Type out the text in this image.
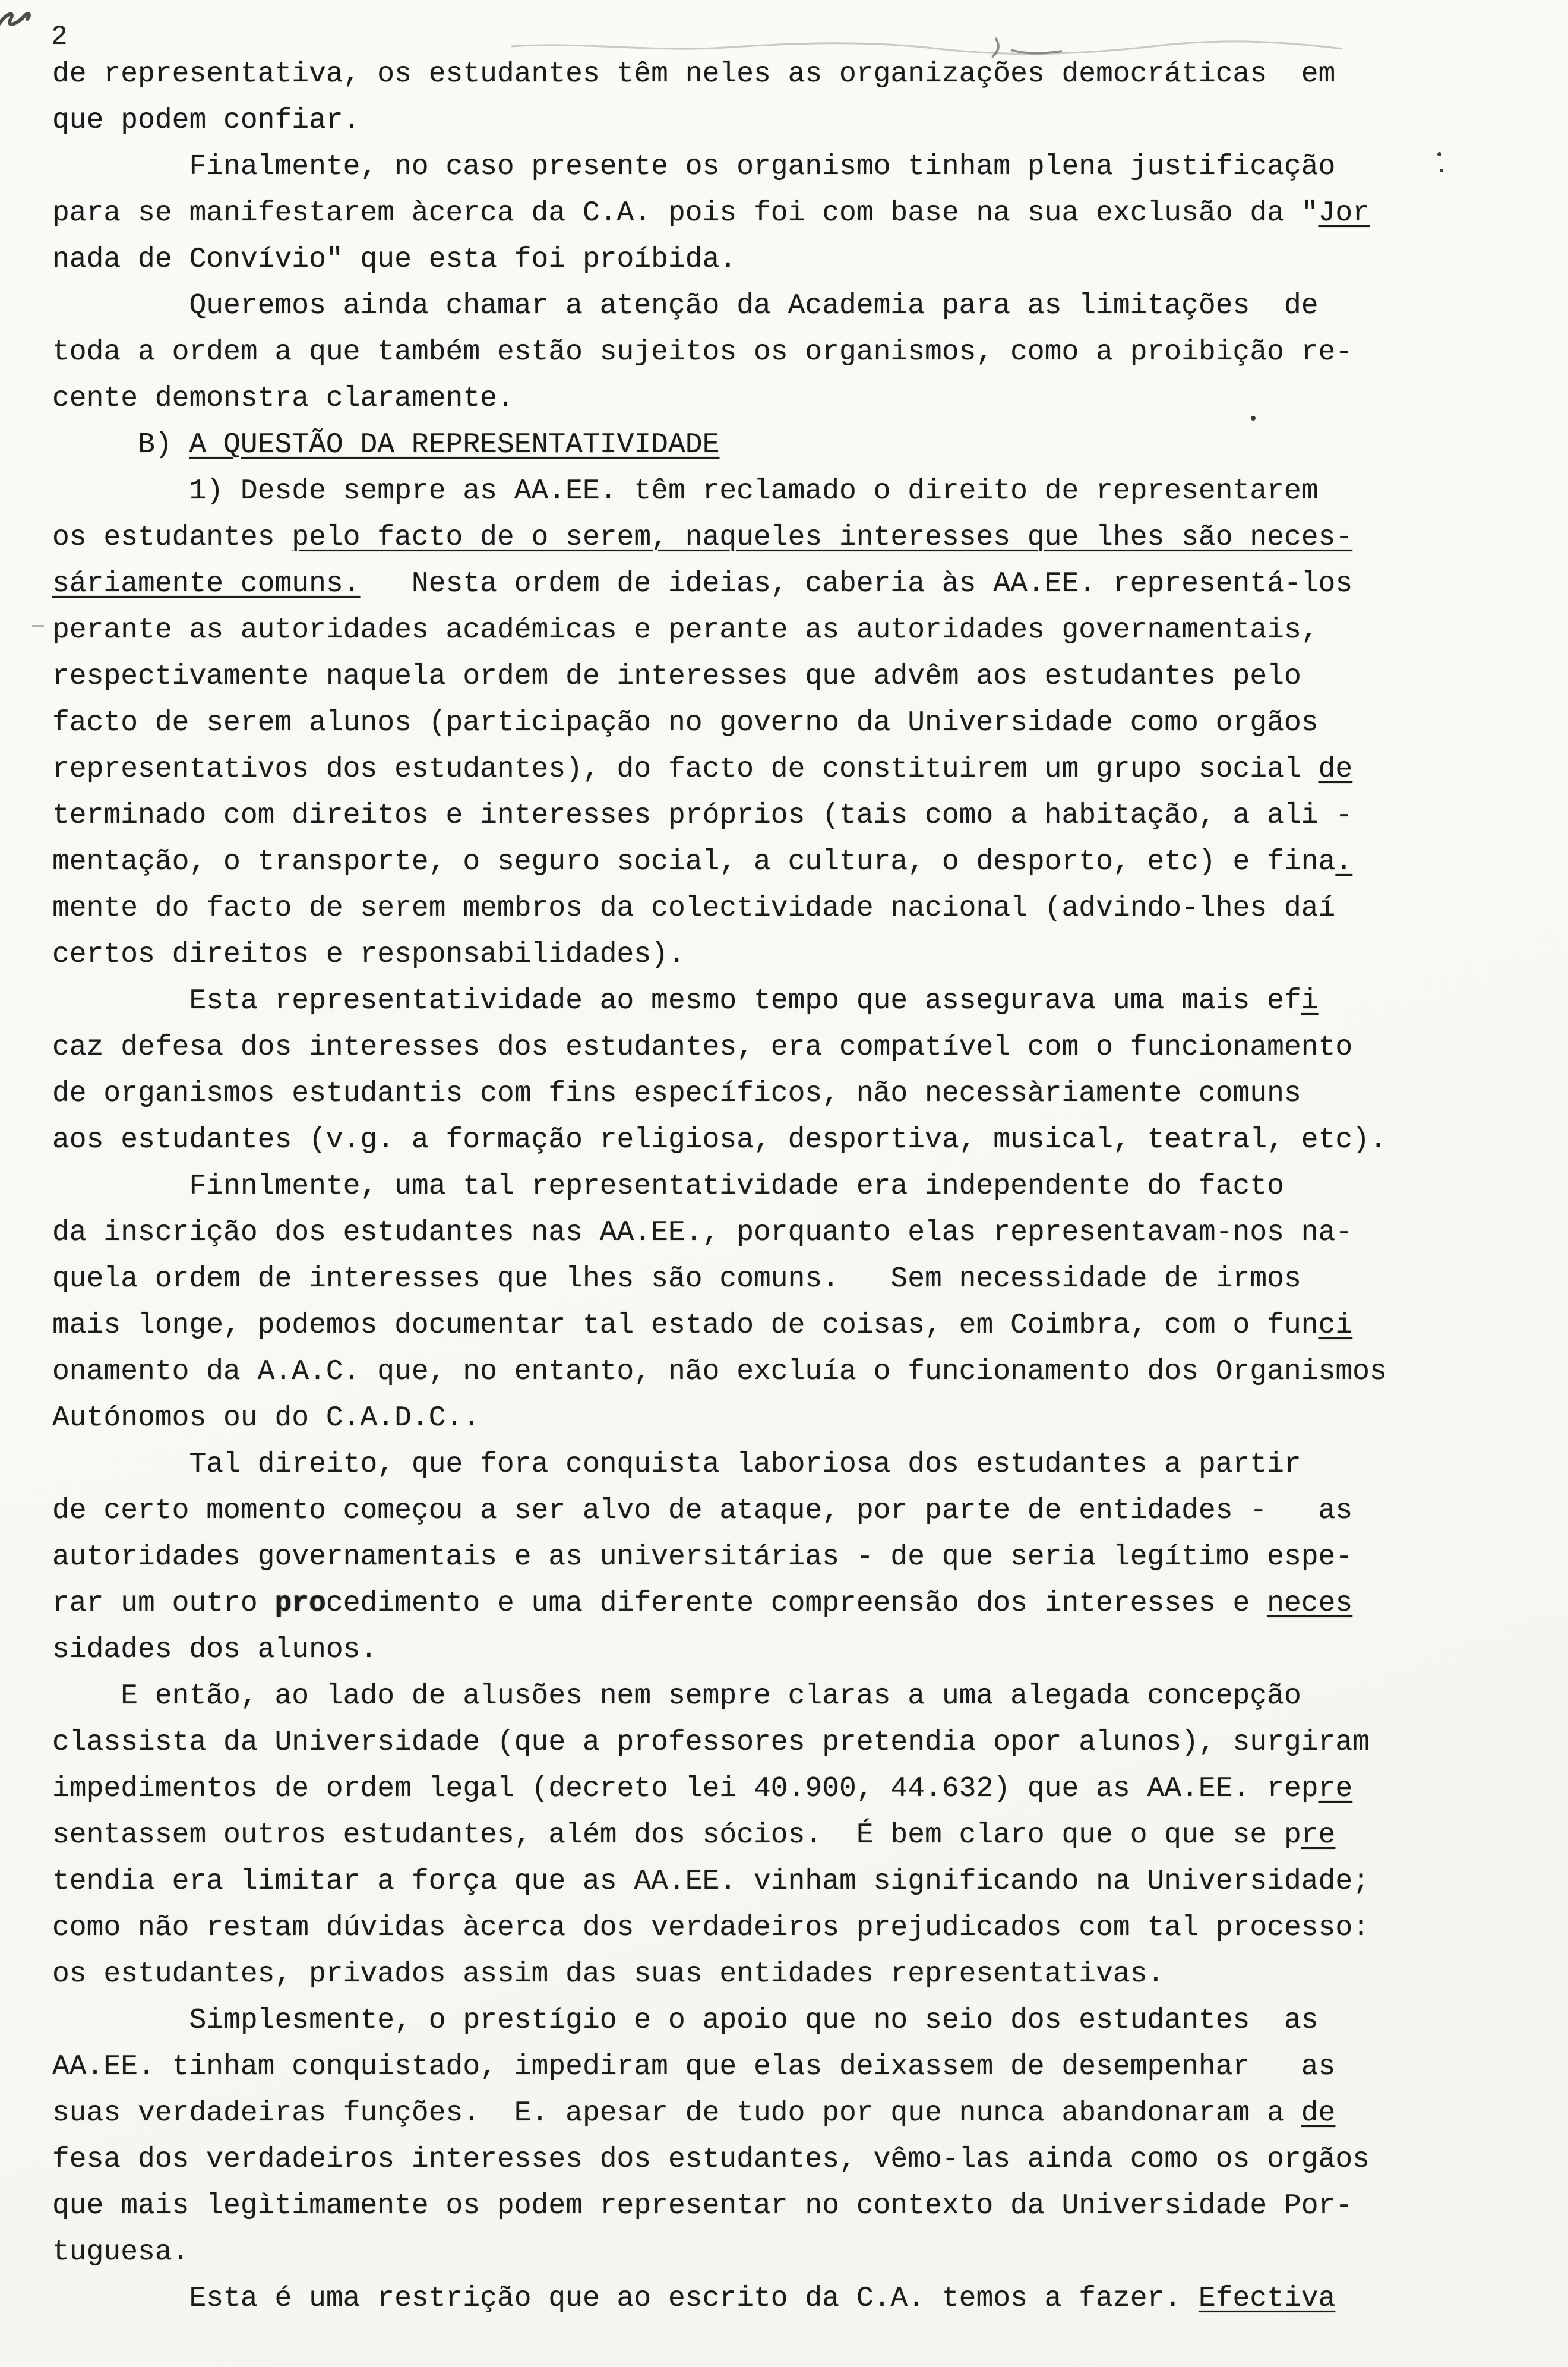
2
de representativa, os estudantes têm neles as organizações democráticas  em
que podem confiar.
Finalmente, no caso presente os organismo tinham plena justificação
para se manifestarem àcerca da C.A. pois foi com base na sua exclusão da "Jor
nada de Convívio" que esta foi proíbida.
Queremos ainda chamar a atenção da Academia para as limitações  de
toda a ordem a que também estão sujeitos os organismos, como a proibição re-
cente demonstra claramente.
B) A QUESTÃO DA REPRESENTATIVIDADE
1) Desde sempre as AA.EE. têm reclamado o direito de representarem
os estudantes pelo facto de o serem, naqueles interesses que lhes são neces-
sáriamente comuns.   Nesta ordem de ideias, caberia às AA.EE. representá-los
perante as autoridades académicas e perante as autoridades governamentais,
respectivamente naquela ordem de interesses que advêm aos estudantes pelo
facto de serem alunos (participação no governo da Universidade como orgãos
representativos dos estudantes), do facto de constituirem um grupo social de
terminado com direitos e interesses próprios (tais como a habitação, a ali -
mentação, o transporte, o seguro social, a cultura, o desporto, etc) e fina.
mente do facto de serem membros da colectividade nacional (advindo-lhes daí
certos direitos e responsabilidades).
Esta representatividade ao mesmo tempo que assegurava uma mais efi
caz defesa dos interesses dos estudantes, era compatível com o funcionamento
de organismos estudantis com fins específicos, não necessàriamente comuns
aos estudantes (v.g. a formação religiosa, desportiva, musical, teatral, etc).
Finnlmente, uma tal representatividade era independente do facto
da inscrição dos estudantes nas AA.EE., porquanto elas representavam-nos na-
quela ordem de interesses que lhes são comuns.   Sem necessidade de irmos
mais longe, podemos documentar tal estado de coisas, em Coimbra, com o funci
onamento da A.A.C. que, no entanto, não excluía o funcionamento dos Organismos
Autónomos ou do C.A.D.C..
Tal direito, que fora conquista laboriosa dos estudantes a partir
de certo momento começou a ser alvo de ataque, por parte de entidades -   as
autoridades governamentais e as universitárias - de que seria legítimo espe-
rar um outro procedimento e uma diferente compreensão dos interesses e neces
sidades dos alunos.
E então, ao lado de alusões nem sempre claras a uma alegada concepção
classista da Universidade (que a professores pretendia opor alunos), surgiram
impedimentos de ordem legal (decreto lei 40.900, 44.632) que as AA.EE. repre
sentassem outros estudantes, além dos sócios.  É bem claro que o que se pre
tendia era limitar a força que as AA.EE. vinham significando na Universidade;
como não restam dúvidas àcerca dos verdadeiros prejudicados com tal processo:
os estudantes, privados assim das suas entidades representativas.
Simplesmente, o prestígio e o apoio que no seio dos estudantes  as
AA.EE. tinham conquistado, impediram que elas deixassem de desempenhar   as
suas verdadeiras funções.  E. apesar de tudo por que nunca abandonaram a de
fesa dos verdadeiros interesses dos estudantes, vêmo-las ainda como os orgãos
que mais legìtimamente os podem representar no contexto da Universidade Por-
tuguesa.
Esta é uma restrição que ao escrito da C.A. temos a fazer. Efectiva
